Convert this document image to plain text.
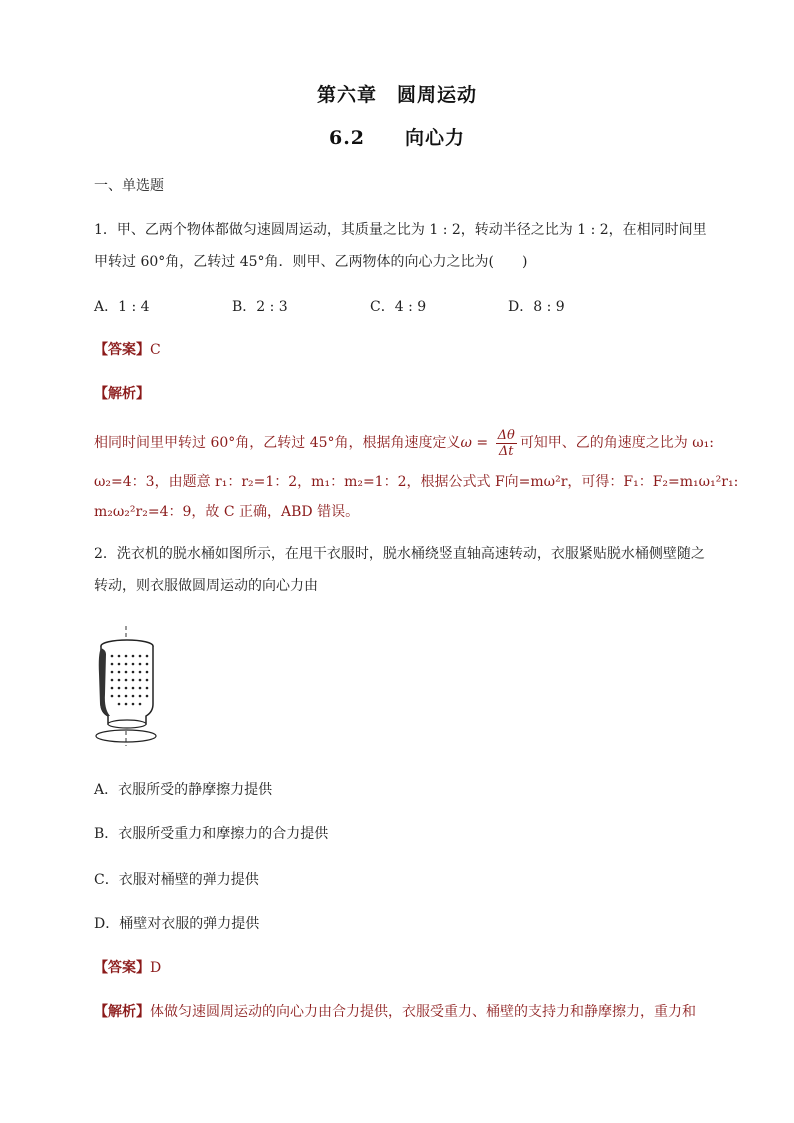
第六章　圆周运动
6.2　　向心力
一、单选题
1．甲、乙两个物体都做匀速圆周运动，其质量之比为 1 : 2，转动半径之比为 1 : 2，在相同时间里
甲转过 60°角，乙转过 45°角．则甲、乙两物体的向心力之比为(　　)
A．1 : 4	B．2 : 3	C．4 : 9	D．8 : 9
【答案】C
【解析】
相同时间里甲转过 60°角，乙转过 45°角，根据角速度定义$\omega = \frac{\Delta\theta}{\Delta t}$ 可知甲、乙的角速度之比为 ω₁:
ω₂=4：3，由题意 r₁：r₂=1：2，m₁：m₂=1：2，根据公式式 F向=mω²r，可得：F₁：F₂=m₁ω₁²r₁:
m₂ω₂²r₂=4：9，故 C 正确，ABD 错误。
2．洗衣机的脱水桶如图所示，在甩干衣服时，脱水桶绕竖直轴高速转动，衣服紧贴脱水桶侧壁随之
转动，则衣服做圆周运动的向心力由
A．衣服所受的静摩擦力提供
B．衣服所受重力和摩擦力的合力提供
C．衣服对桶壁的弹力提供
D．桶壁对衣服的弹力提供
【答案】D
【解析】体做匀速圆周运动的向心力由合力提供，衣服受重力、桶壁的支持力和静摩擦力，重力和
